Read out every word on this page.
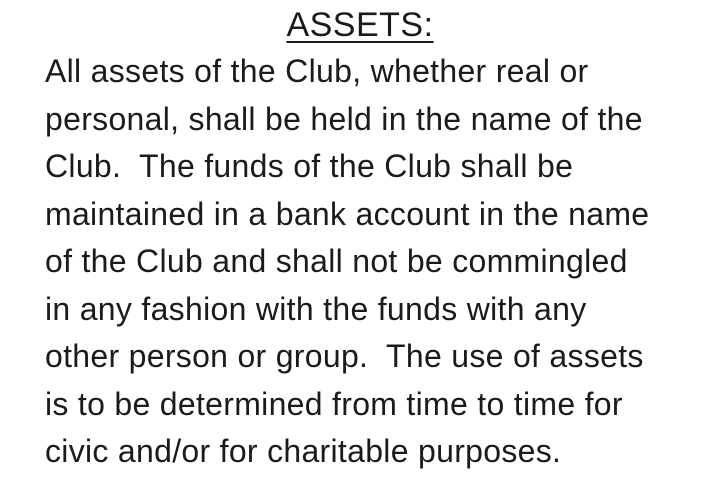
ASSETS:
All assets of the Club, whether real or
personal, shall be held in the name of the
Club.  The funds of the Club shall be
maintained in a bank account in the name
of the Club and shall not be commingled
in any fashion with the funds with any
other person or group.  The use of assets
is to be determined from time to time for
civic and/or for charitable purposes.
